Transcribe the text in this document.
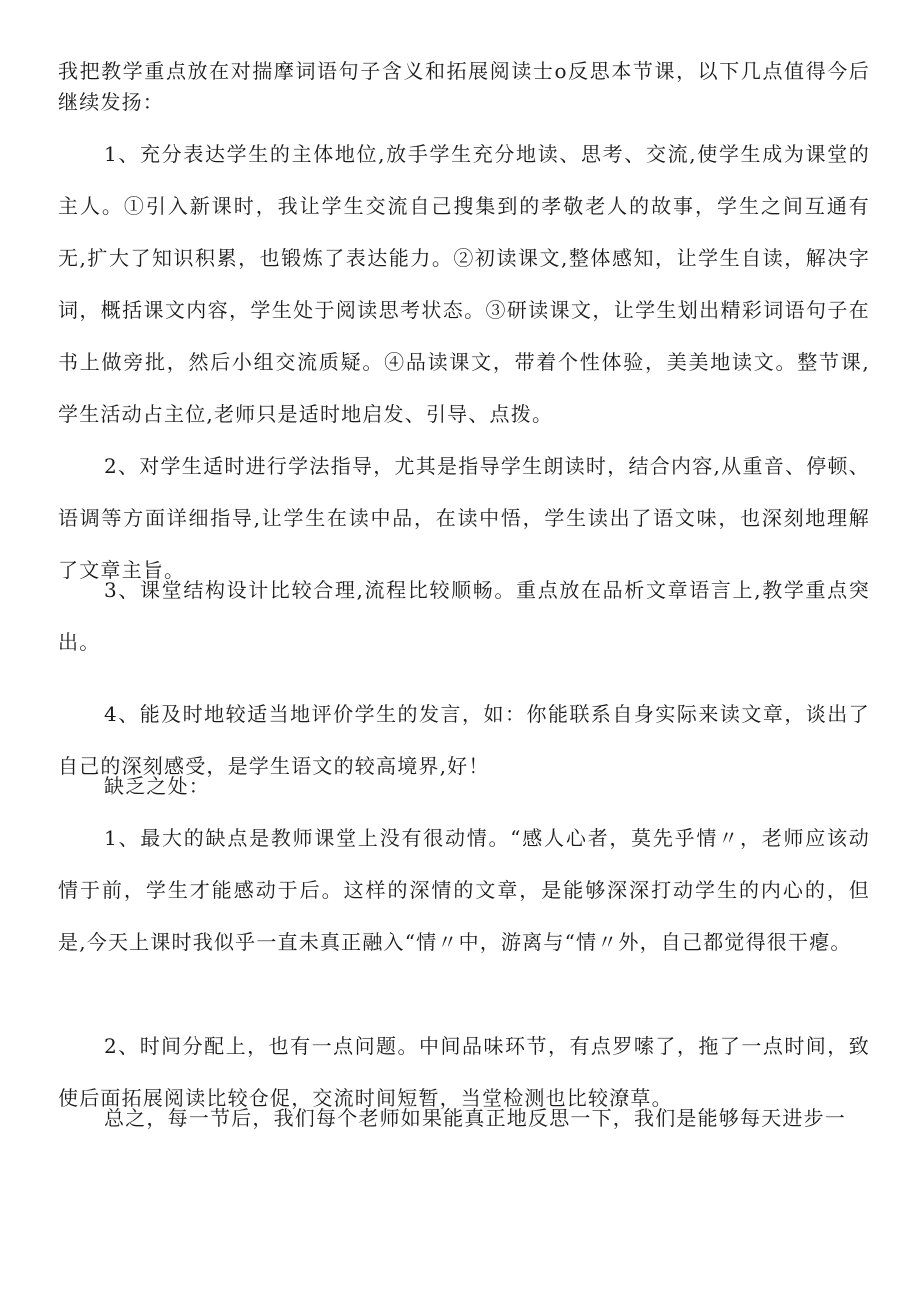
我把教学重点放在对揣摩词语句子含义和拓展阅读士o反思本节课，以下几点值得今后继续发扬：

1、充分表达学生的主体地位,放手学生充分地读、思考、交流,使学生成为课堂的主人。①引入新课时，我让学生交流自己搜集到的孝敬老人的故事，学生之间互通有无,扩大了知识积累，也锻炼了表达能力。②初读课文,整体感知，让学生自读，解决字词，概括课文内容，学生处于阅读思考状态。③研读课文，让学生划出精彩词语句子在书上做旁批，然后小组交流质疑。④品读课文，带着个性体验，美美地读文。整节课,学生活动占主位,老师只是适时地启发、引导、点拨。

2、对学生适时进行学法指导，尤其是指导学生朗读时，结合内容,从重音、停顿、语调等方面详细指导,让学生在读中品，在读中悟，学生读出了语文味，也深刻地理解了文章主旨。

3、课堂结构设计比较合理,流程比较顺畅。重点放在品析文章语言上,教学重点突出。

4、能及时地较适当地评价学生的发言，如：你能联系自身实际来读文章，谈出了自己的深刻感受，是学生语文的较高境界,好！

缺乏之处：

1、最大的缺点是教师课堂上没有很动情。“感人心者，莫先乎情〃，老师应该动情于前，学生才能感动于后。这样的深情的文章，是能够深深打动学生的内心的，但是,今天上课时我似乎一直未真正融入“情〃中，游离与“情〃外，自己都觉得很干瘪。

2、时间分配上，也有一点问题。中间品味环节，有点罗嗦了，拖了一点时间，致使后面拓展阅读比较仓促，交流时间短暂，当堂检测也比较潦草。

总之，每一节后，我们每个老师如果能真正地反思一下，我们是能够每天进步一
